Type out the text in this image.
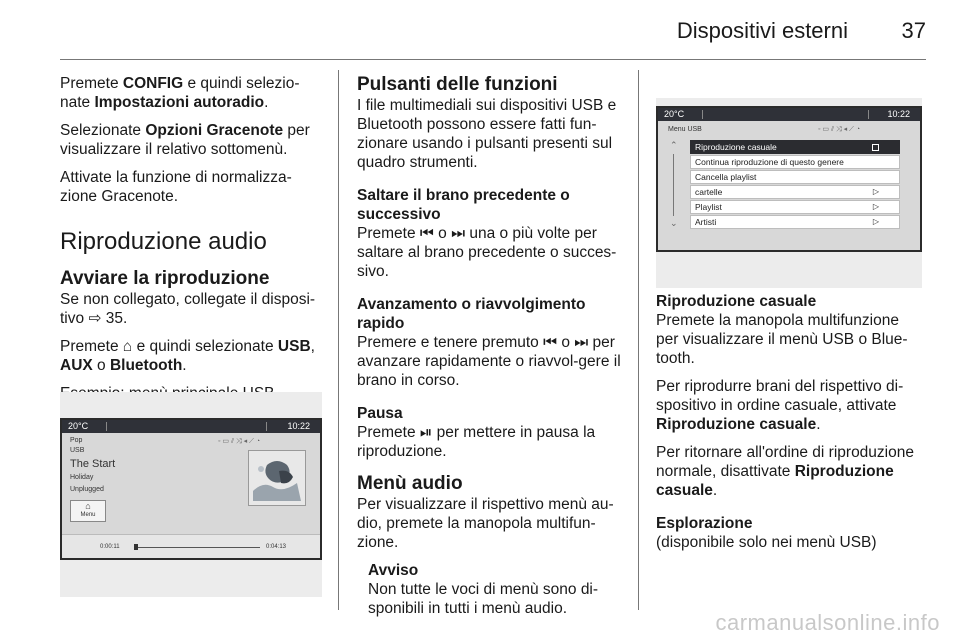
Dispositivi esterni 37

Premete CONFIG e quindi selezio-nate Impostazioni autoradio.

Selezionate Opzioni Gracenote per visualizzare il relativo sottomenù.

Attivate la funzione di normalizza-zione Gracenote.

Riproduzione audio
Avviare la riproduzione

Se non collegato, collegate il disposi-tivo ⇨ 35.

Premete ⌂ e quindi selezionate USB, AUX o Bluetooth.

20°C	10:22
◦ ▭ ⫽ ⤨ ◂ ⟋ ◔
Pop
USB
The Start
Holiday
Unplugged
⌂
Menu
0:00:11	0:04:13
Pulsanti delle funzioni

I file multimediali sui dispositivi USB e Bluetooth possono essere fatti fun-zionare usando i pulsanti presenti sul quadro strumenti.

Saltare il brano precedente o successivo

Premete ⏮ o ⏭ una o più volte per saltare al brano precedente o succes-sivo.

Avanzamento o riavvolgimento rapido

Premere e tenere premuto ⏮ o ⏭ per avanzare rapidamente o riavvol-gere il brano in corso.

Pausa

Premete ⏯ per mettere in pausa la riproduzione.

Menù audio

Per visualizzare il rispettivo menù au-dio, premete la manopola multifun-zione.

Avviso
Non tutte le voci di menù sono di-sponibili in tutti i menù audio.
20°C	10:22
Menu USB	◦ ▭ ⫽ ⤨ ◂ ⟋ ◔
⌃
⌄
Riproduzione casuale
Continua riproduzione di questo genere
Cancella playlist
cartelle	▷
Playlist	▷
Artisti	▷
Riproduzione casuale

Premete la manopola multifunzione per visualizzare il menù USB o Blue-tooth.

Per riprodurre brani del rispettivo di-spositivo in ordine casuale, attivate Riproduzione casuale.

Per ritornare all'ordine di riproduzione normale, disattivate Riproduzione casuale.

Esplorazione

(disponibile solo nei menù USB)

carmanualsonline.info
